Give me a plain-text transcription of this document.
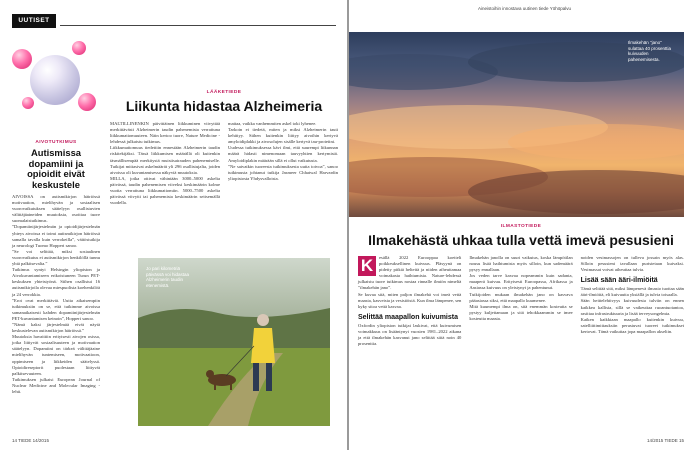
UUTISET
AIVOTUTKIMUS
Autismissa dopamiini ja opioidit eivät keskustele

AIVOISSA on autismikirjon häiriössä motivaation, mielihyvän ja sosiaalisen vuorovaikutuksen säätelyyn osallistuvien välittäjäaineiden muutoksia, osoittaa tuore suomalaistutkimus.

”Dopamiinijärjestelmän ja opioidijärjestelmän yhteys aivoissa ei toimi autismikirjon häiriössä samalla tavalla kuin verrokeilla”, väitöstutkija ja neurologi Tuomo Hopperi sanoo.

”Se voi selittää, miksi sosiaalinen vuorovaikutus ei autismikirjon henkilöllä tunnu yhtä palkitsevalta.”

Tutkimus syntyi Helsingin yliopiston ja Aivokuvantamiseen erikoistuneen Turun PET-keskuksen yhteistyönä. Siihen osallistui 16 autismikirjoila olevaa miespuolista koehenkilöä ja 24 verrokkia.

”Erot ovat merkittäviä. Uutta aikaisempiin tutkimuksiin on se, että tutkimme aivoissa samanaikaisesti kahden dopamiinijärjestelmän PET-kuvantamisen keinoin”, Hopperi sanoo.

”Nämä kaksi järjestelmää eivät näytä keskustelevan autismikirjon häiriössä.”

Muutoksia havaittiin erityisesti aivojen osissa, jotka liittyvät sosiaalisuuteen ja motivaation säätelyyn. Dopamiini on tärkeä välittäjäaine mielihyvän tuntemiseen, motivaatioon, oppimiseen ja liikkeiden säätelyssä. Opioidireseptorit puolestaan liittyvät palkitsevuuteen.

Tutkimuksen julkaisi European Journal of Nuclear Medicine and Molecular Imaging -lehti.

LÄÄKETIEDE
Liikunta hidastaa Alzheimeria

MALTILLINENKIN päivittäinen liikkuminen viivyttää merkittävästi Alzheimerin taudin pahenemista verrattuna liikkumattomuuteen. Näin kertoo tuore, Nature Medicine -lehdessä julkaistu tutkimus.

Liikkumattomuus tiedettiin ennestään Alzheimerin taudin riskitekijäksi. Tässä liikkumisen määrällä oli kuitenkin täsmällisempää merkitystä muistisairauden pahenemiselle. Tutkijat mittasivat askelmäärät yli 296 osallistujalta, joiden aivoissa oli kuvantamisessa näkyviä muutoksia.

MILLA, jotka ottivat vähintään 3000–5000 askelta päivässä, taudin pahenemisen viiveksi keskimäärin kolme vuotta verrattuna liikkumattomiin. 5000–7500 askelta päivässä viivytti tai pahenemista keskimäärin seitsemällä vuodella.

mattaa, vaikka vanhemmiten askel toki lyhenee.

Tarkoin ei tiedetä, miten ja miksi Alzheimerin tauti kehittyy. Siihen kuitenkin liittyy aivoihin kertyvä amyloidiplakki ja aivosolujen sisälle kertyvä tau-proteiini.

Uudessa tutkimuksessa kävi ilmi, että suurempi liikunnan määrä hidasti nimenomaan tauvyyhtien kertymistä. Amyloidiplakin määrään sillä ei ollut vaikutusta.

”Ne saivatkin tuoreesta tutkimuksesta uutta toivoa”, sanoo tutkimusta johtanut tutkija Jasmeer Chhatwal Harvardin yliopistosta Yhdysvalloista.

Jo pari kilometriä päivässä voi hidastaa Alzheimerin taudin etenemistä.
14 TIEDE 14/2015
Aineistoihin innostava uutinen tiede Yöhöpalvu
Ilmakehän "jano" sulattaa 40 prosenttia kuivuuden pahenemisesta.
ILMASTOTIEDE
Ilmakehästä uhkaa tulla vettä imevä pesusieni
K	esällä 2022 Eurooppaa koetteli poikkeuksellinen kuivuus. Pläsyynä on pidetty pitkiä helteitä ja niiden aiheuttamaa voimakasta haihtumista. Nature-lehdessä julkaistu tuore tutkimus nostaa rinnalle ilmiön nimeltä ”ilmakehän jano”.

Se kuvaa sitä, miten paljon ilmakehä voi imeä vettä maasta, kasveista ja vesistöistä. Kun ilma lämpenee, sen kyky sitoa vettä kasvaa.

Selittää maapallon kuivumista

Oxfordin yliopiston tutkijat laskivat, että kuivumisen voimakkuus on lisääntynyt vuosien 1981–2022 aikana ja että ilmakehän kasvanut jano selittää siitä noin 40 prosenttia.

Ilmakehän janolla on suuri vaikutus, koska lämpötilan nousu lisää haihtumista myös silloin, kun sademäärä pysyy ennallaan.

Jos veden tarve kasvaa nopeammin kuin sadanta, maaperä kuivuu. Erityisesti Euroopassa, Afrikassa ja Aasiassa kuivuus on yleistynyt ja pahentunut.

Tutkijoiden mukaan ilmakehän jano on kasvava pääasiassa siksi, että maapallo kuumenee.

Mitä kuumempi ilma on, sitä enemmän kosteutta se pystyy kuljettamaan ja sitä tehokkaammin se imee kosteutta maasta.

noiden vesimassojen on tulleva jossain myös alas. Silloin pesusieni tavallaan puristetaan kuivaksi. Vesimassat voivat aiheuttaa tulvia.

Lisää sään ääri-ilmiöitä

Tämä selittää sitä, miksi lämpenevä ilmasto tuottaa sään ääri-ilmiöitä, eli kuivuutta yksiällä ja tulvia toisaalla.

Sään heittelehtivyys kuivuudesta tulviin on ennen kaikkea kallista, sillä se vaikeuttaa ruoantuotantoa, rasittaa infrastruktuuria ja lisää terveysongelmia.

Kaiken kaikkiaan maapallo kuitenkin kuivuu, satelliittimittauksiin perustuvat tuoreet tutkimukset kertovat. Tämä vaikuttaa jopa maapallon akseliin.

14/2015 TIEDE 15
